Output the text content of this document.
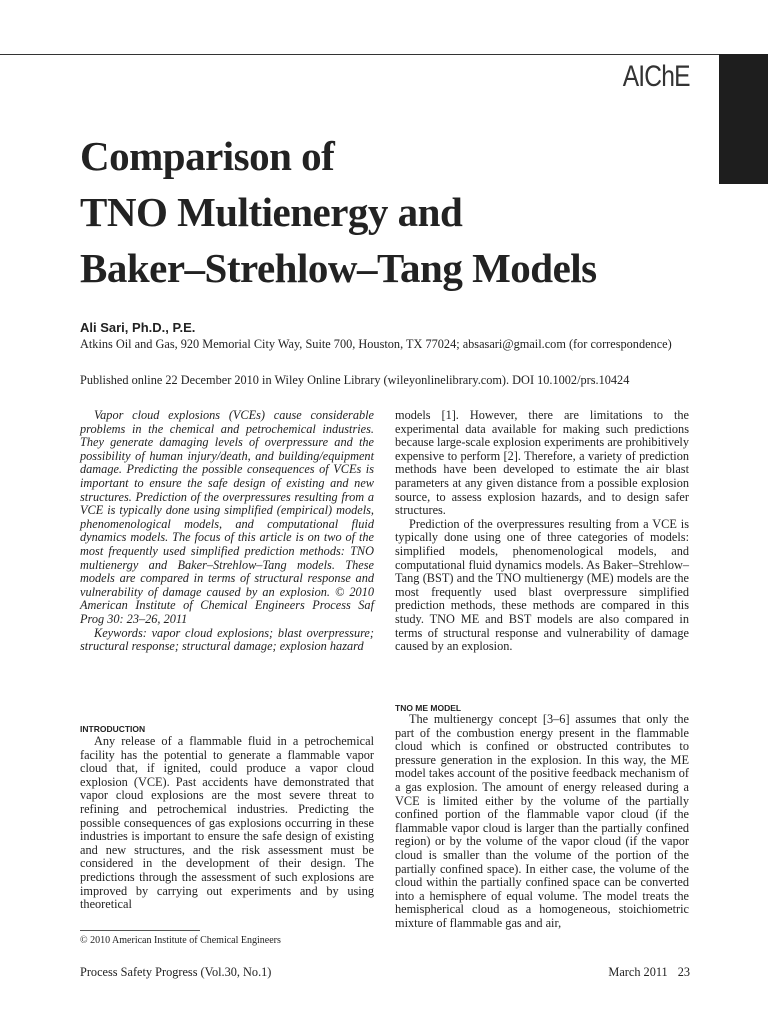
AIChE
Comparison of
TNO Multienergy and
Baker–Strehlow–Tang Models
Ali Sari, Ph.D., P.E.
Atkins Oil and Gas, 920 Memorial City Way, Suite 700, Houston, TX 77024; absasari@gmail.com (for correspondence)
Published online 22 December 2010 in Wiley Online Library (wileyonlinelibrary.com). DOI 10.1002/prs.10424

Vapor cloud explosions (VCEs) cause considerable problems in the chemical and petrochemical industries. They generate damaging levels of overpressure and the possibility of human injury/death, and building/equipment damage. Predicting the possible consequences of VCEs is important to ensure the safe design of existing and new structures. Prediction of the overpressures resulting from a VCE is typically done using simplified (empirical) models, phenomenological models, and computational fluid dynamics models. The focus of this article is on two of the most frequently used simplified prediction methods: TNO multienergy and Baker–Strehlow–Tang models. These models are compared in terms of structural response and vulnerability of damage caused by an explosion. © 2010 American Institute of Chemical Engineers Process Saf Prog 30: 23–26, 2011

Keywords: vapor cloud explosions; blast overpressure; structural response; structural damage; explosion hazard

INTRODUCTION

Any release of a flammable fluid in a petrochemical facility has the potential to generate a flammable vapor cloud that, if ignited, could produce a vapor cloud explosion (VCE). Past accidents have demonstrated that vapor cloud explosions are the most severe threat to refining and petrochemical industries. Predicting the possible consequences of gas explosions occurring in these industries is important to ensure the safe design of existing and new structures, and the risk assessment must be considered in the development of their design. The predictions through the assessment of such explosions are improved by carrying out experiments and by using theoretical

models [1]. However, there are limitations to the experimental data available for making such predictions because large-scale explosion experiments are prohibitively expensive to perform [2]. Therefore, a variety of prediction methods have been developed to estimate the air blast parameters at any given distance from a possible explosion source, to assess explosion hazards, and to design safer structures.

Prediction of the overpressures resulting from a VCE is typically done using one of three categories of models: simplified models, phenomenological models, and computational fluid dynamics models. As Baker–Strehlow–Tang (BST) and the TNO multienergy (ME) models are the most frequently used blast overpressure simplified prediction methods, these methods are compared in this study. TNO ME and BST models are also compared in terms of structural response and vulnerability of damage caused by an explosion.

TNO ME MODEL

The multienergy concept [3–6] assumes that only the part of the combustion energy present in the flammable cloud which is confined or obstructed contributes to pressure generation in the explosion. In this way, the ME model takes account of the positive feedback mechanism of a gas explosion. The amount of energy released during a VCE is limited either by the volume of the partially confined portion of the flammable vapor cloud (if the flammable vapor cloud is larger than the partially confined region) or by the volume of the vapor cloud (if the vapor cloud is smaller than the volume of the portion of the partially confined space). In either case, the volume of the cloud within the partially confined space can be converted into a hemisphere of equal volume. The model treats the hemispherical cloud as a homogeneous, stoichiometric mixture of flammable gas and air,

© 2010 American Institute of Chemical Engineers
Process Safety Progress (Vol.30, No.1)	March 2011 23
